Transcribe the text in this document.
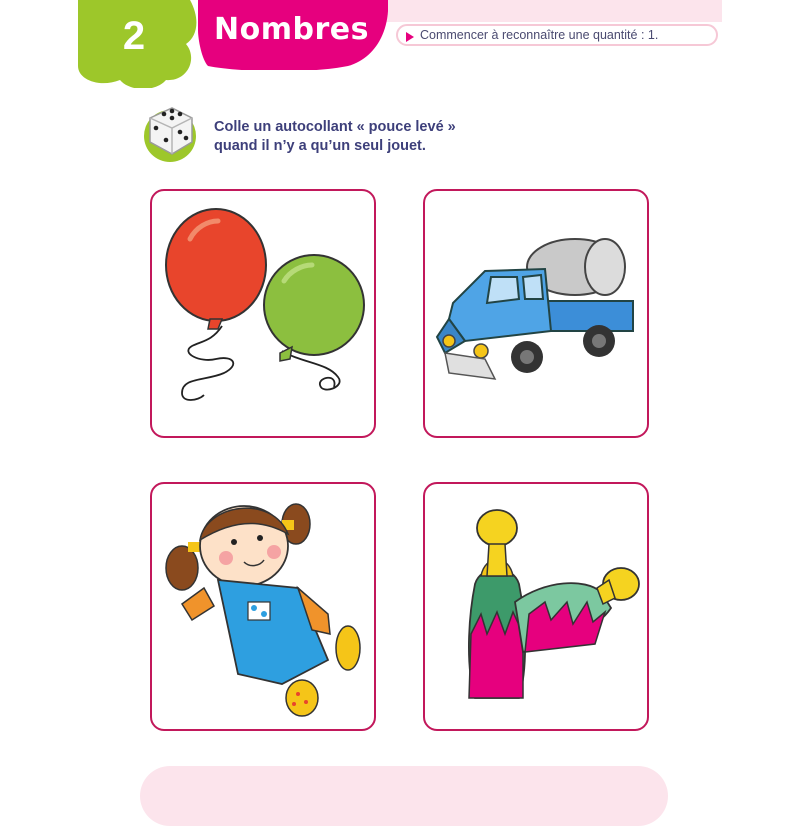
2	Nombres	Commencer à reconnaître une quantité : 1.
Colle un autocollant « pouce levé »
quand il n’y a qu’un seul jouet.
